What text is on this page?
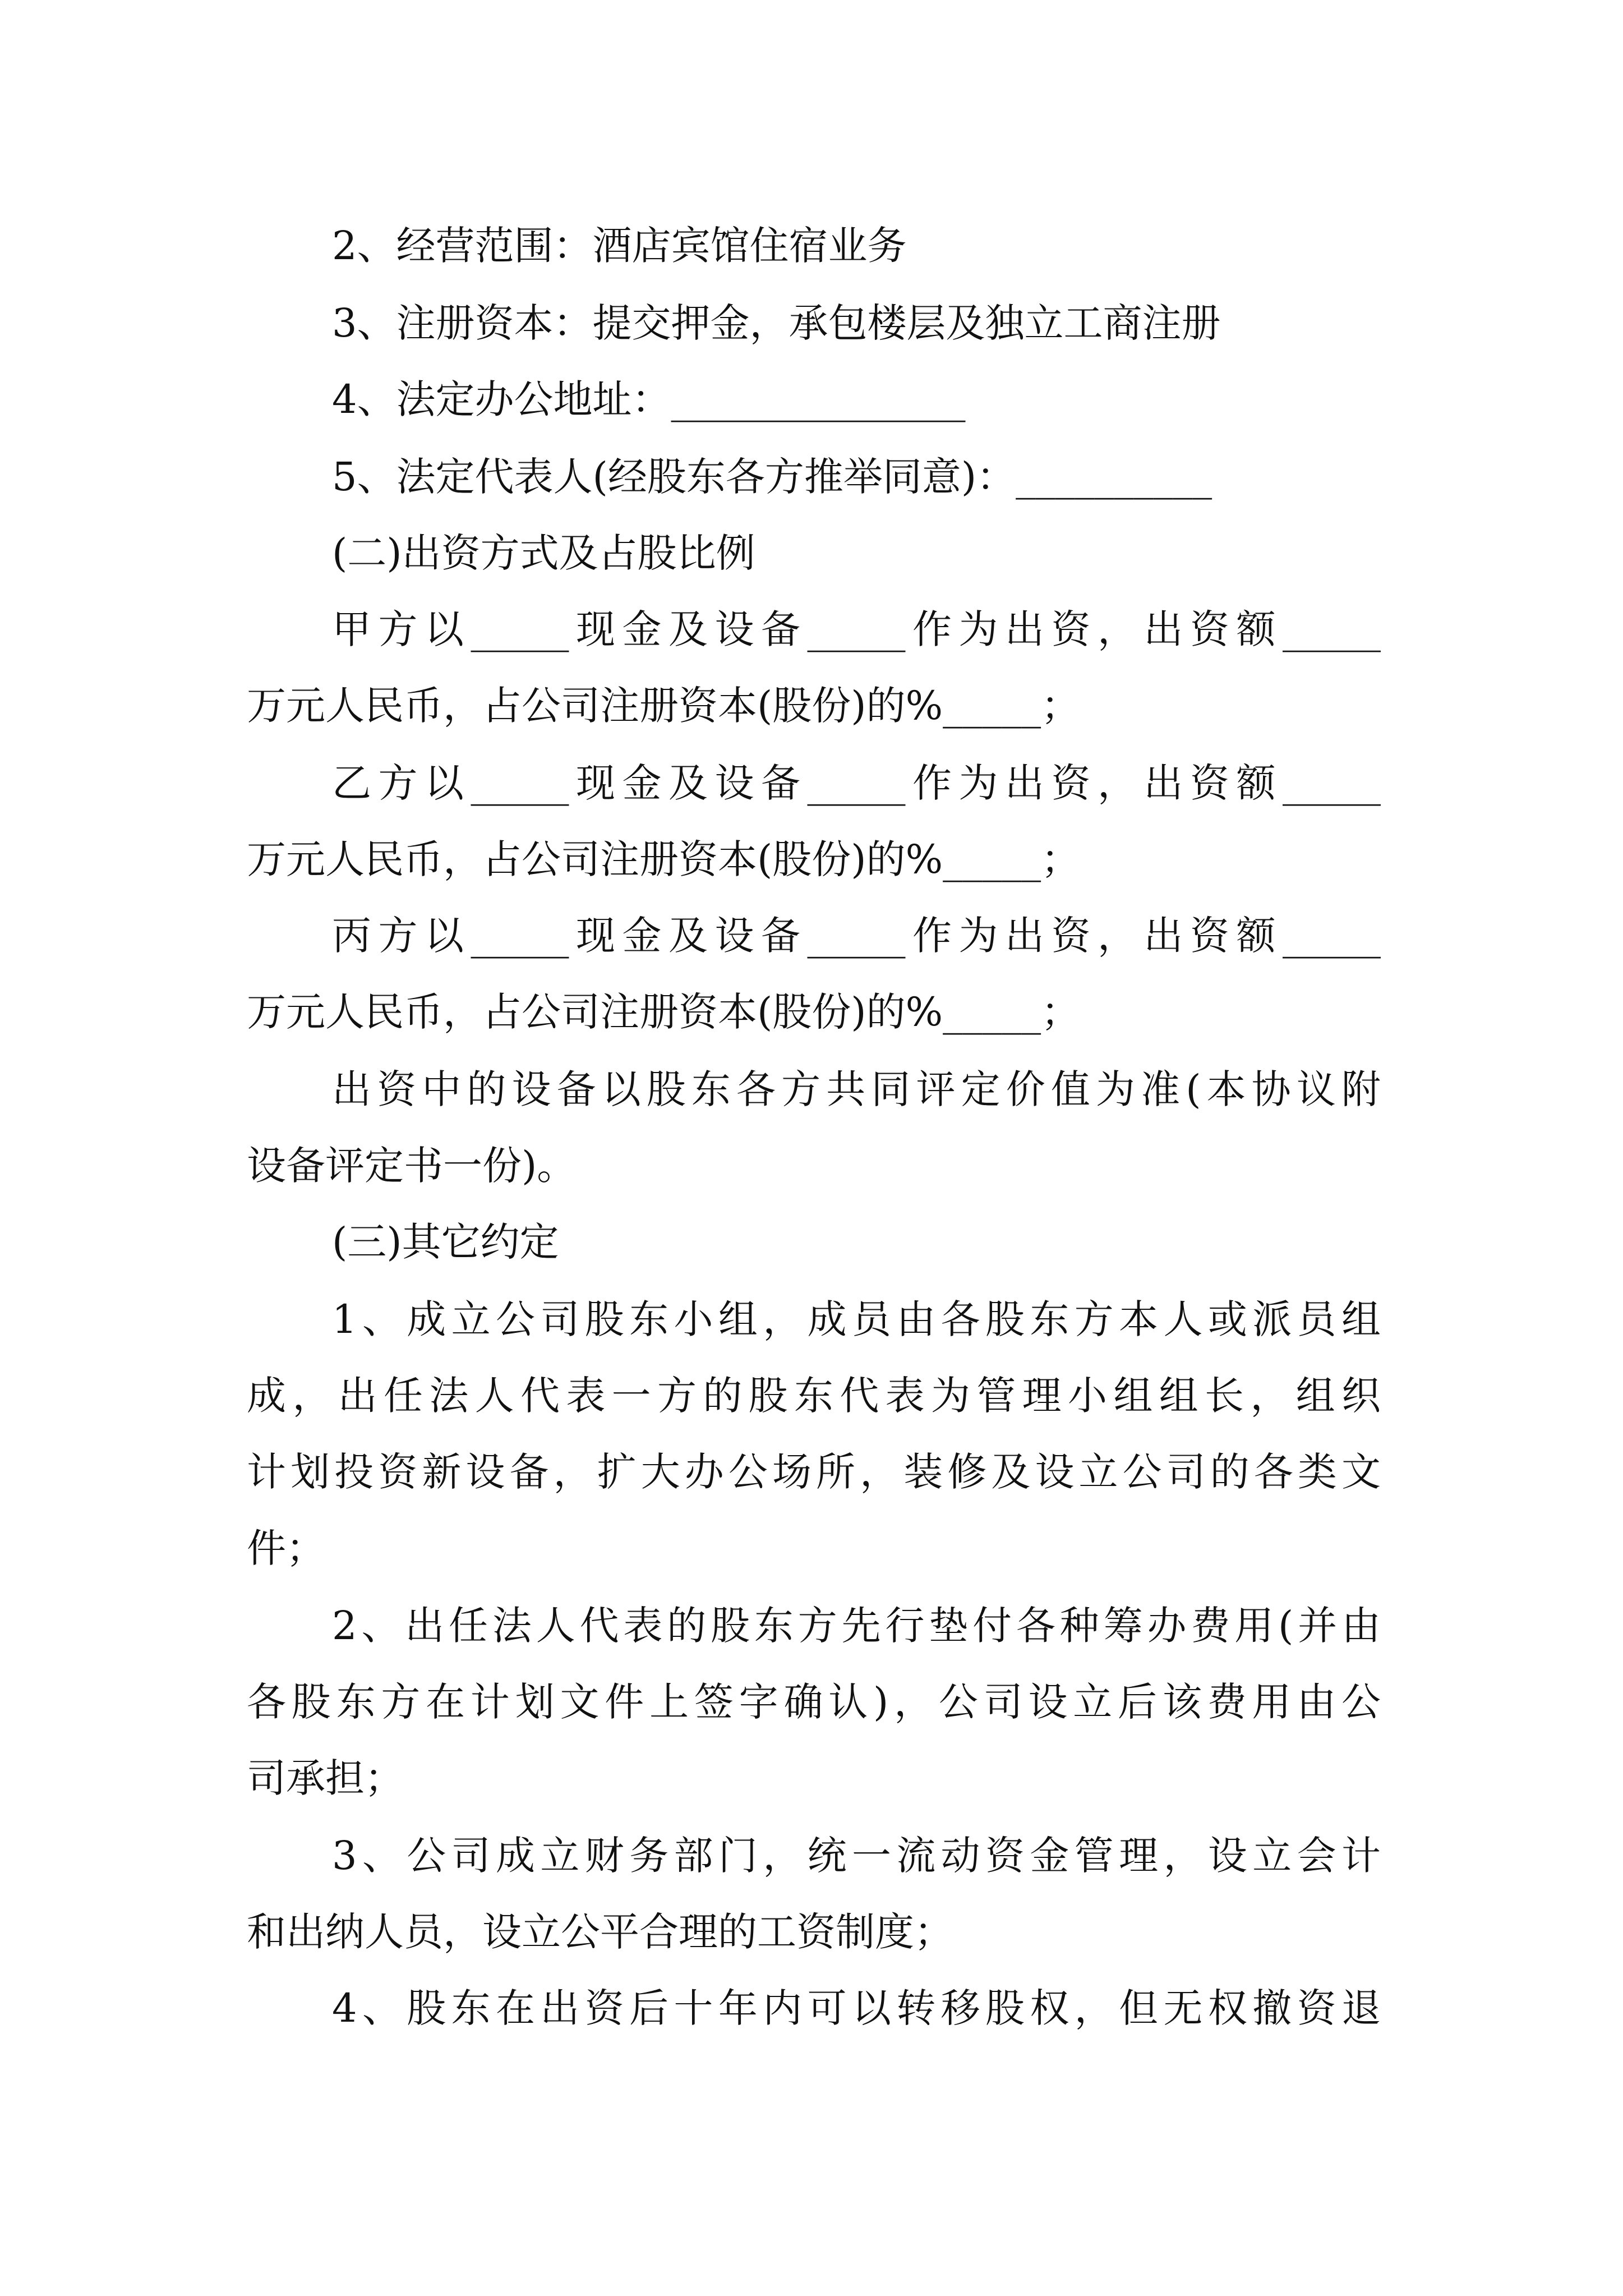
2、经营范围：酒店宾馆住宿业务
3、注册资本：提交押金，承包楼层及独立工商注册
4、法定办公地址：_______________
5、法定代表人(经股东各方推举同意)：__________
(二)出资方式及占股比例
甲方以_____现金及设备_____作为出资，出资额_____
万元人民币，占公司注册资本(股份)的%_____；
乙方以_____现金及设备_____作为出资，出资额_____
万元人民币，占公司注册资本(股份)的%_____；
丙方以_____现金及设备_____作为出资，出资额_____
万元人民币，占公司注册资本(股份)的%_____；
出资中的设备以股东各方共同评定价值为准(本协议附
设备评定书一份)。
(三)其它约定
1、成立公司股东小组，成员由各股东方本人或派员组
成，出任法人代表一方的股东代表为管理小组组长，组织
计划投资新设备，扩大办公场所，装修及设立公司的各类文
件；
2、出任法人代表的股东方先行垫付各种筹办费用(并由
各股东方在计划文件上签字确认)，公司设立后该费用由公
司承担；
3、公司成立财务部门，统一流动资金管理，设立会计
和出纳人员，设立公平合理的工资制度；
4、股东在出资后十年内可以转移股权，但无权撤资退
